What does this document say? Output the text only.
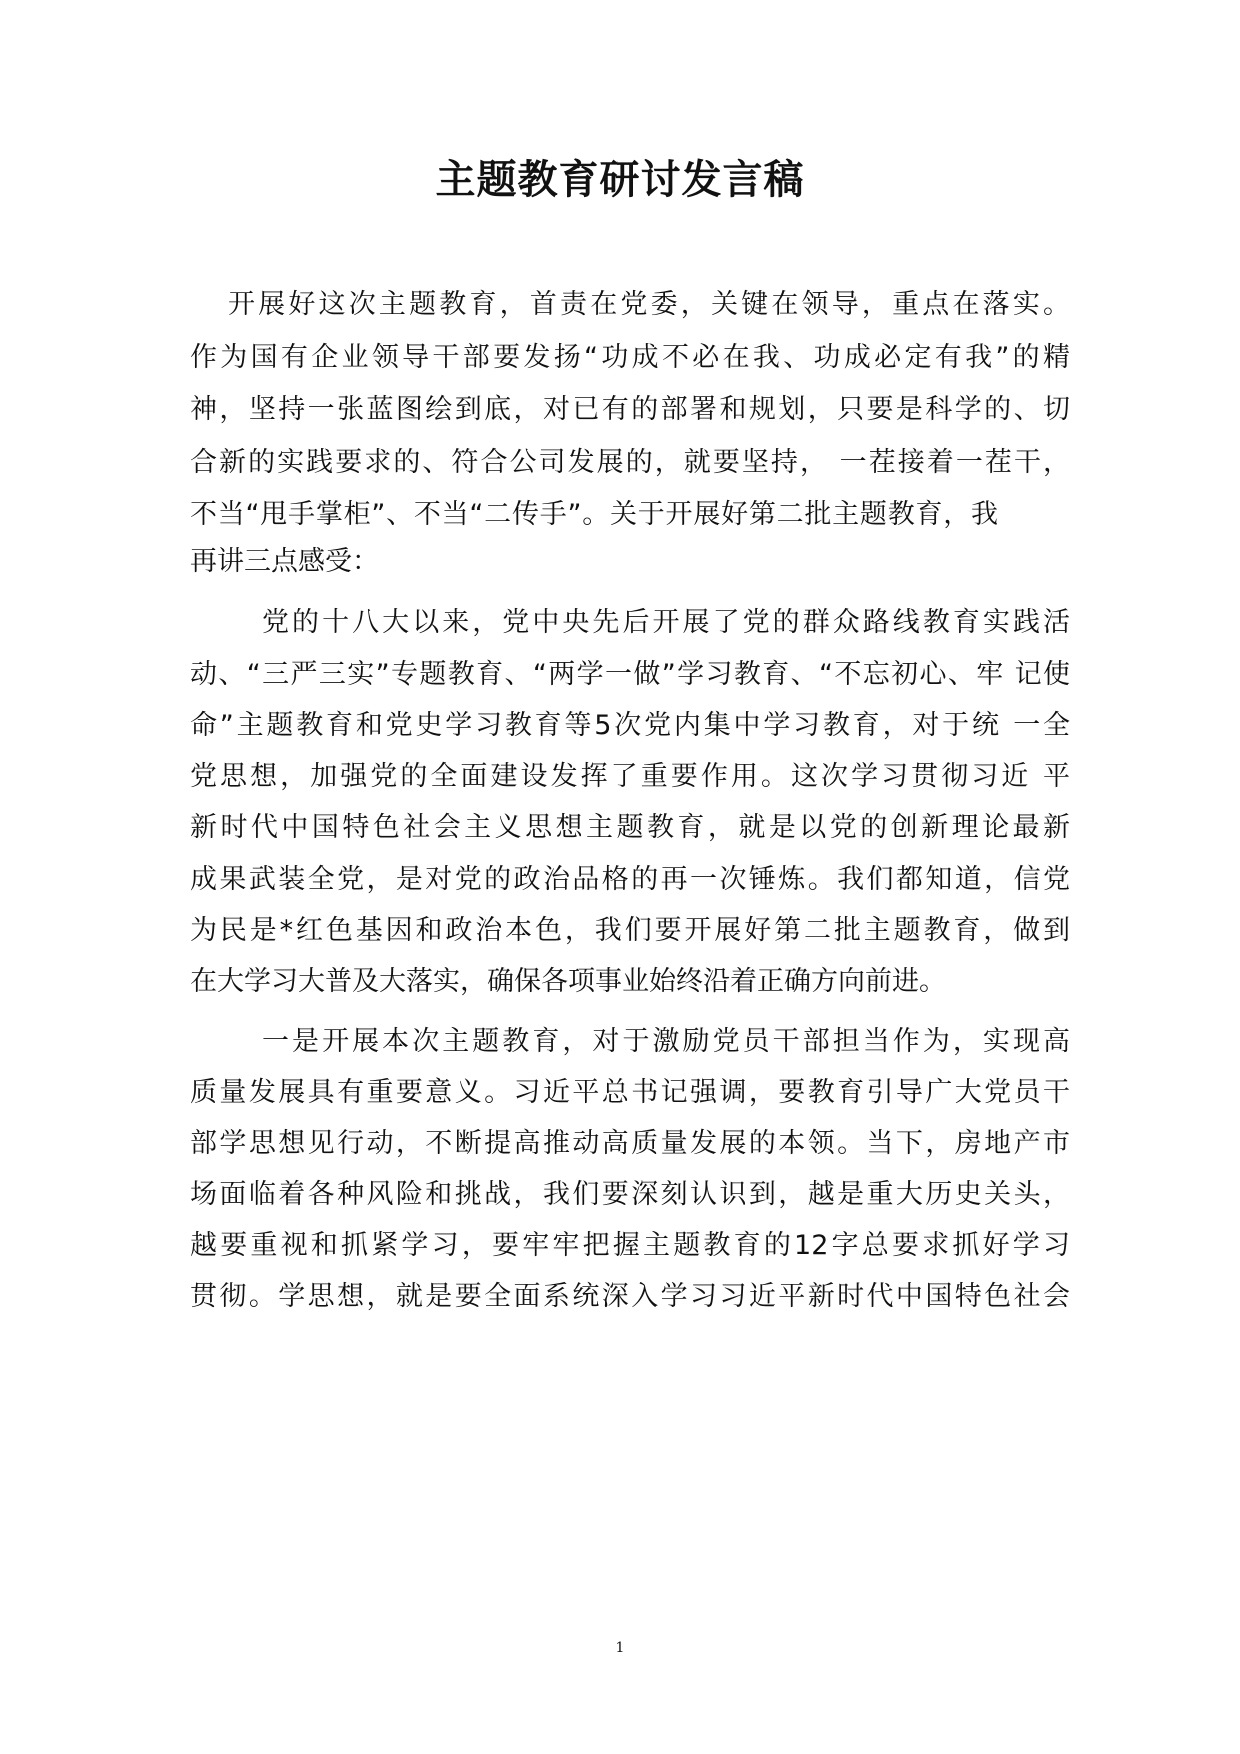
主题教育研讨发言稿

开展好这次主题教育，首责在党委，关键在领导，重点在落实。

作为国有企业领导干部要发扬“功成不必在我、功成必定有我”的精

神，坚持一张蓝图绘到底，对已有的部署和规划，只要是科学的、切

合新的实践要求的、符合公司发展的，就要坚持， 一茬接着一茬干，

不当“甩手掌柜”、不当“二传手”。关于开展好第二批主题教育，我

再讲三点感受：

党的十八大以来，党中央先后开展了党的群众路线教育实践活

动、“三严三实”专题教育、“两学一做”学习教育、“不忘初心、牢 记使

命”主题教育和党史学习教育等5次党内集中学习教育，对于统 一全

党思想，加强党的全面建设发挥了重要作用。这次学习贯彻习近 平

新时代中国特色社会主义思想主题教育，就是以党的创新理论最新

成果武装全党，是对党的政治品格的再一次锤炼。我们都知道，信党

为民是*红色基因和政治本色，我们要开展好第二批主题教育，做到

在大学习大普及大落实，确保各项事业始终沿着正确方向前进。

一是开展本次主题教育，对于激励党员干部担当作为，实现高

质量发展具有重要意义。习近平总书记强调，要教育引导广大党员干

部学思想见行动，不断提高推动高质量发展的本领。当下，房地产市

场面临着各种风险和挑战，我们要深刻认识到，越是重大历史关头，

越要重视和抓紧学习，要牢牢把握主题教育的12字总要求抓好学习

贯彻。学思想，就是要全面系统深入学习习近平新时代中国特色社会

1
